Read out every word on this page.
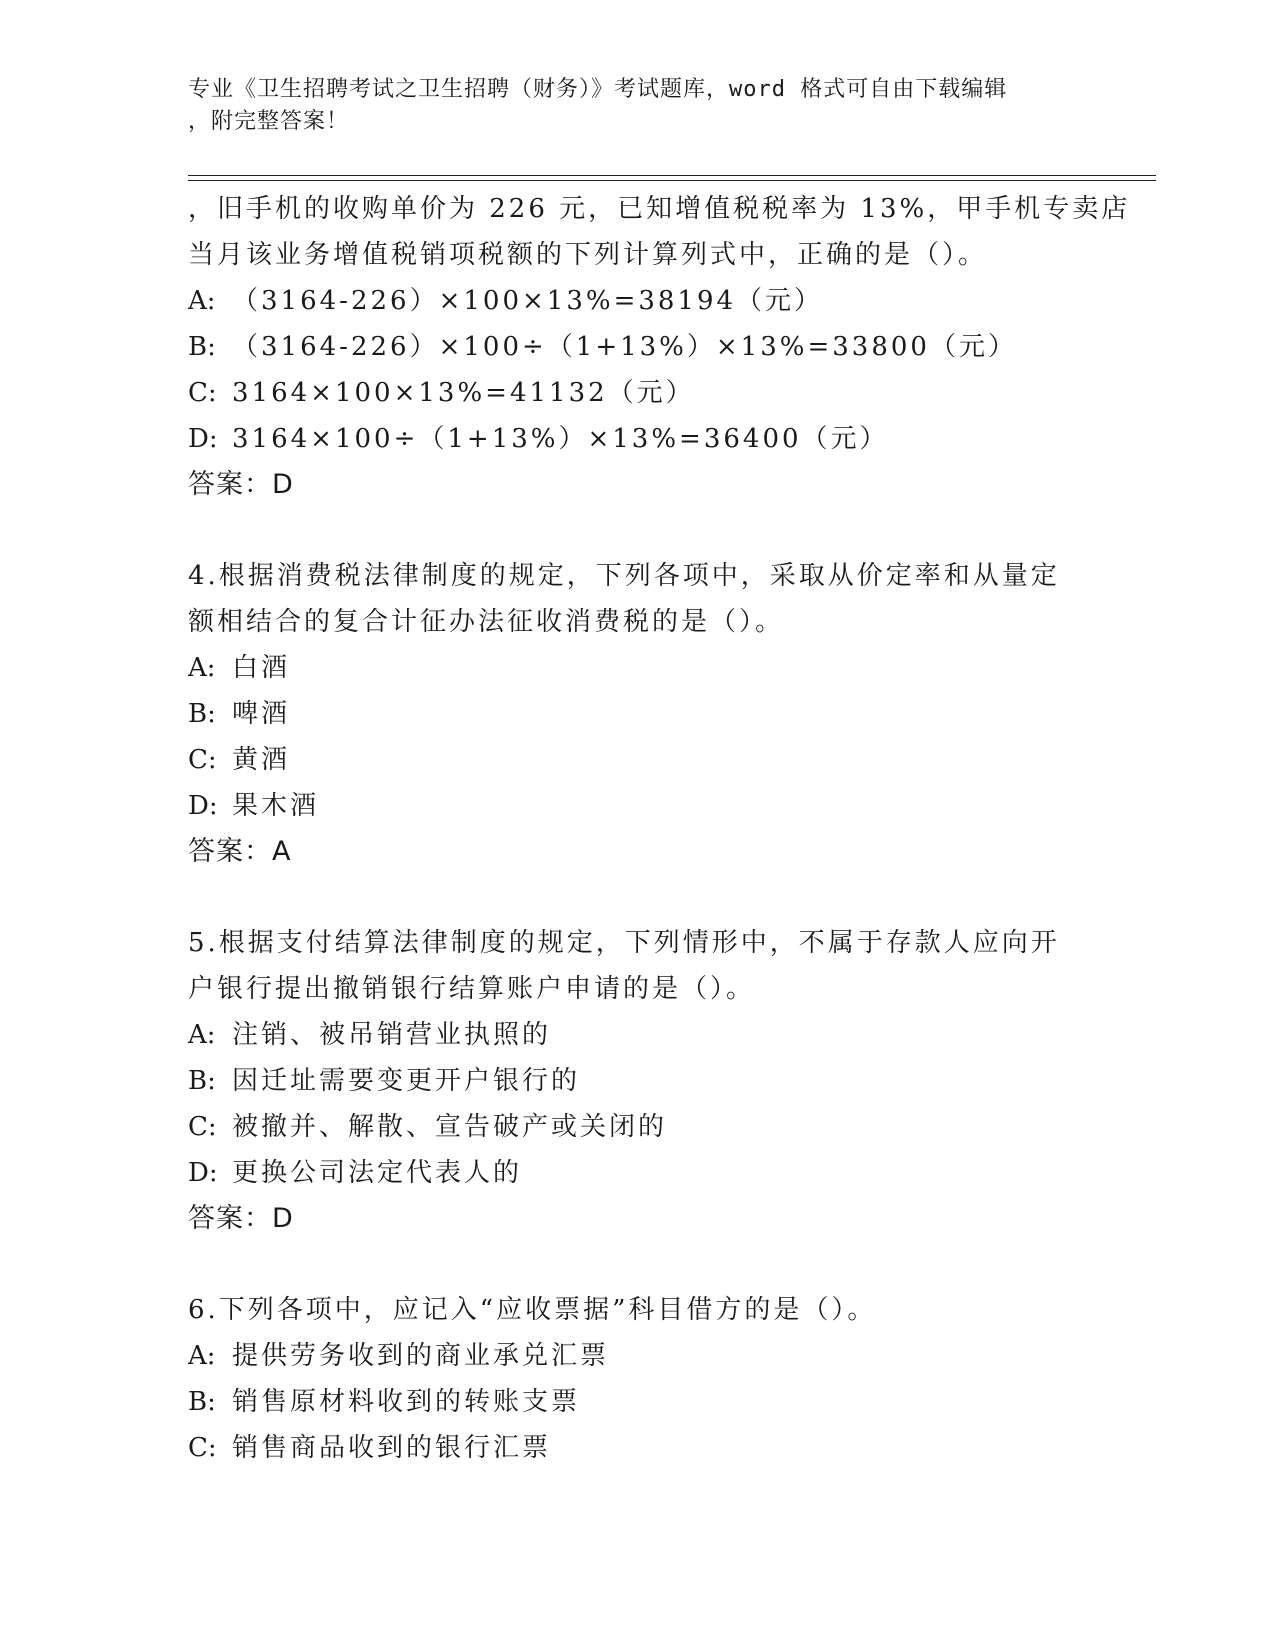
专业《卫生招聘考试之卫生招聘（财务）》考试题库，word 格式可自由下载编辑
，附完整答案！
，旧手机的收购单价为 226 元，已知增值税税率为 13%，甲手机专卖店
当月该业务增值税销项税额的下列计算列式中，正确的是（）。
A: （3164-226）×100×13%=38194（元）
B: （3164-226）×100÷（1+13%）×13%=33800（元）
C: 3164×100×13%=41132（元）
D: 3164×100÷（1+13%）×13%=36400（元）
答案：D
4.根据消费税法律制度的规定，下列各项中，采取从价定率和从量定
额相结合的复合计征办法征收消费税的是（）。
A: 白酒
B: 啤酒
C: 黄酒
D: 果木酒
答案：A
5.根据支付结算法律制度的规定，下列情形中，不属于存款人应向开
户银行提出撤销银行结算账户申请的是（）。
A: 注销、被吊销营业执照的
B: 因迁址需要变更开户银行的
C: 被撤并、解散、宣告破产或关闭的
D: 更换公司法定代表人的
答案：D
6.下列各项中，应记入“应收票据”科目借方的是（）。
A: 提供劳务收到的商业承兑汇票
B: 销售原材料收到的转账支票
C: 销售商品收到的银行汇票
